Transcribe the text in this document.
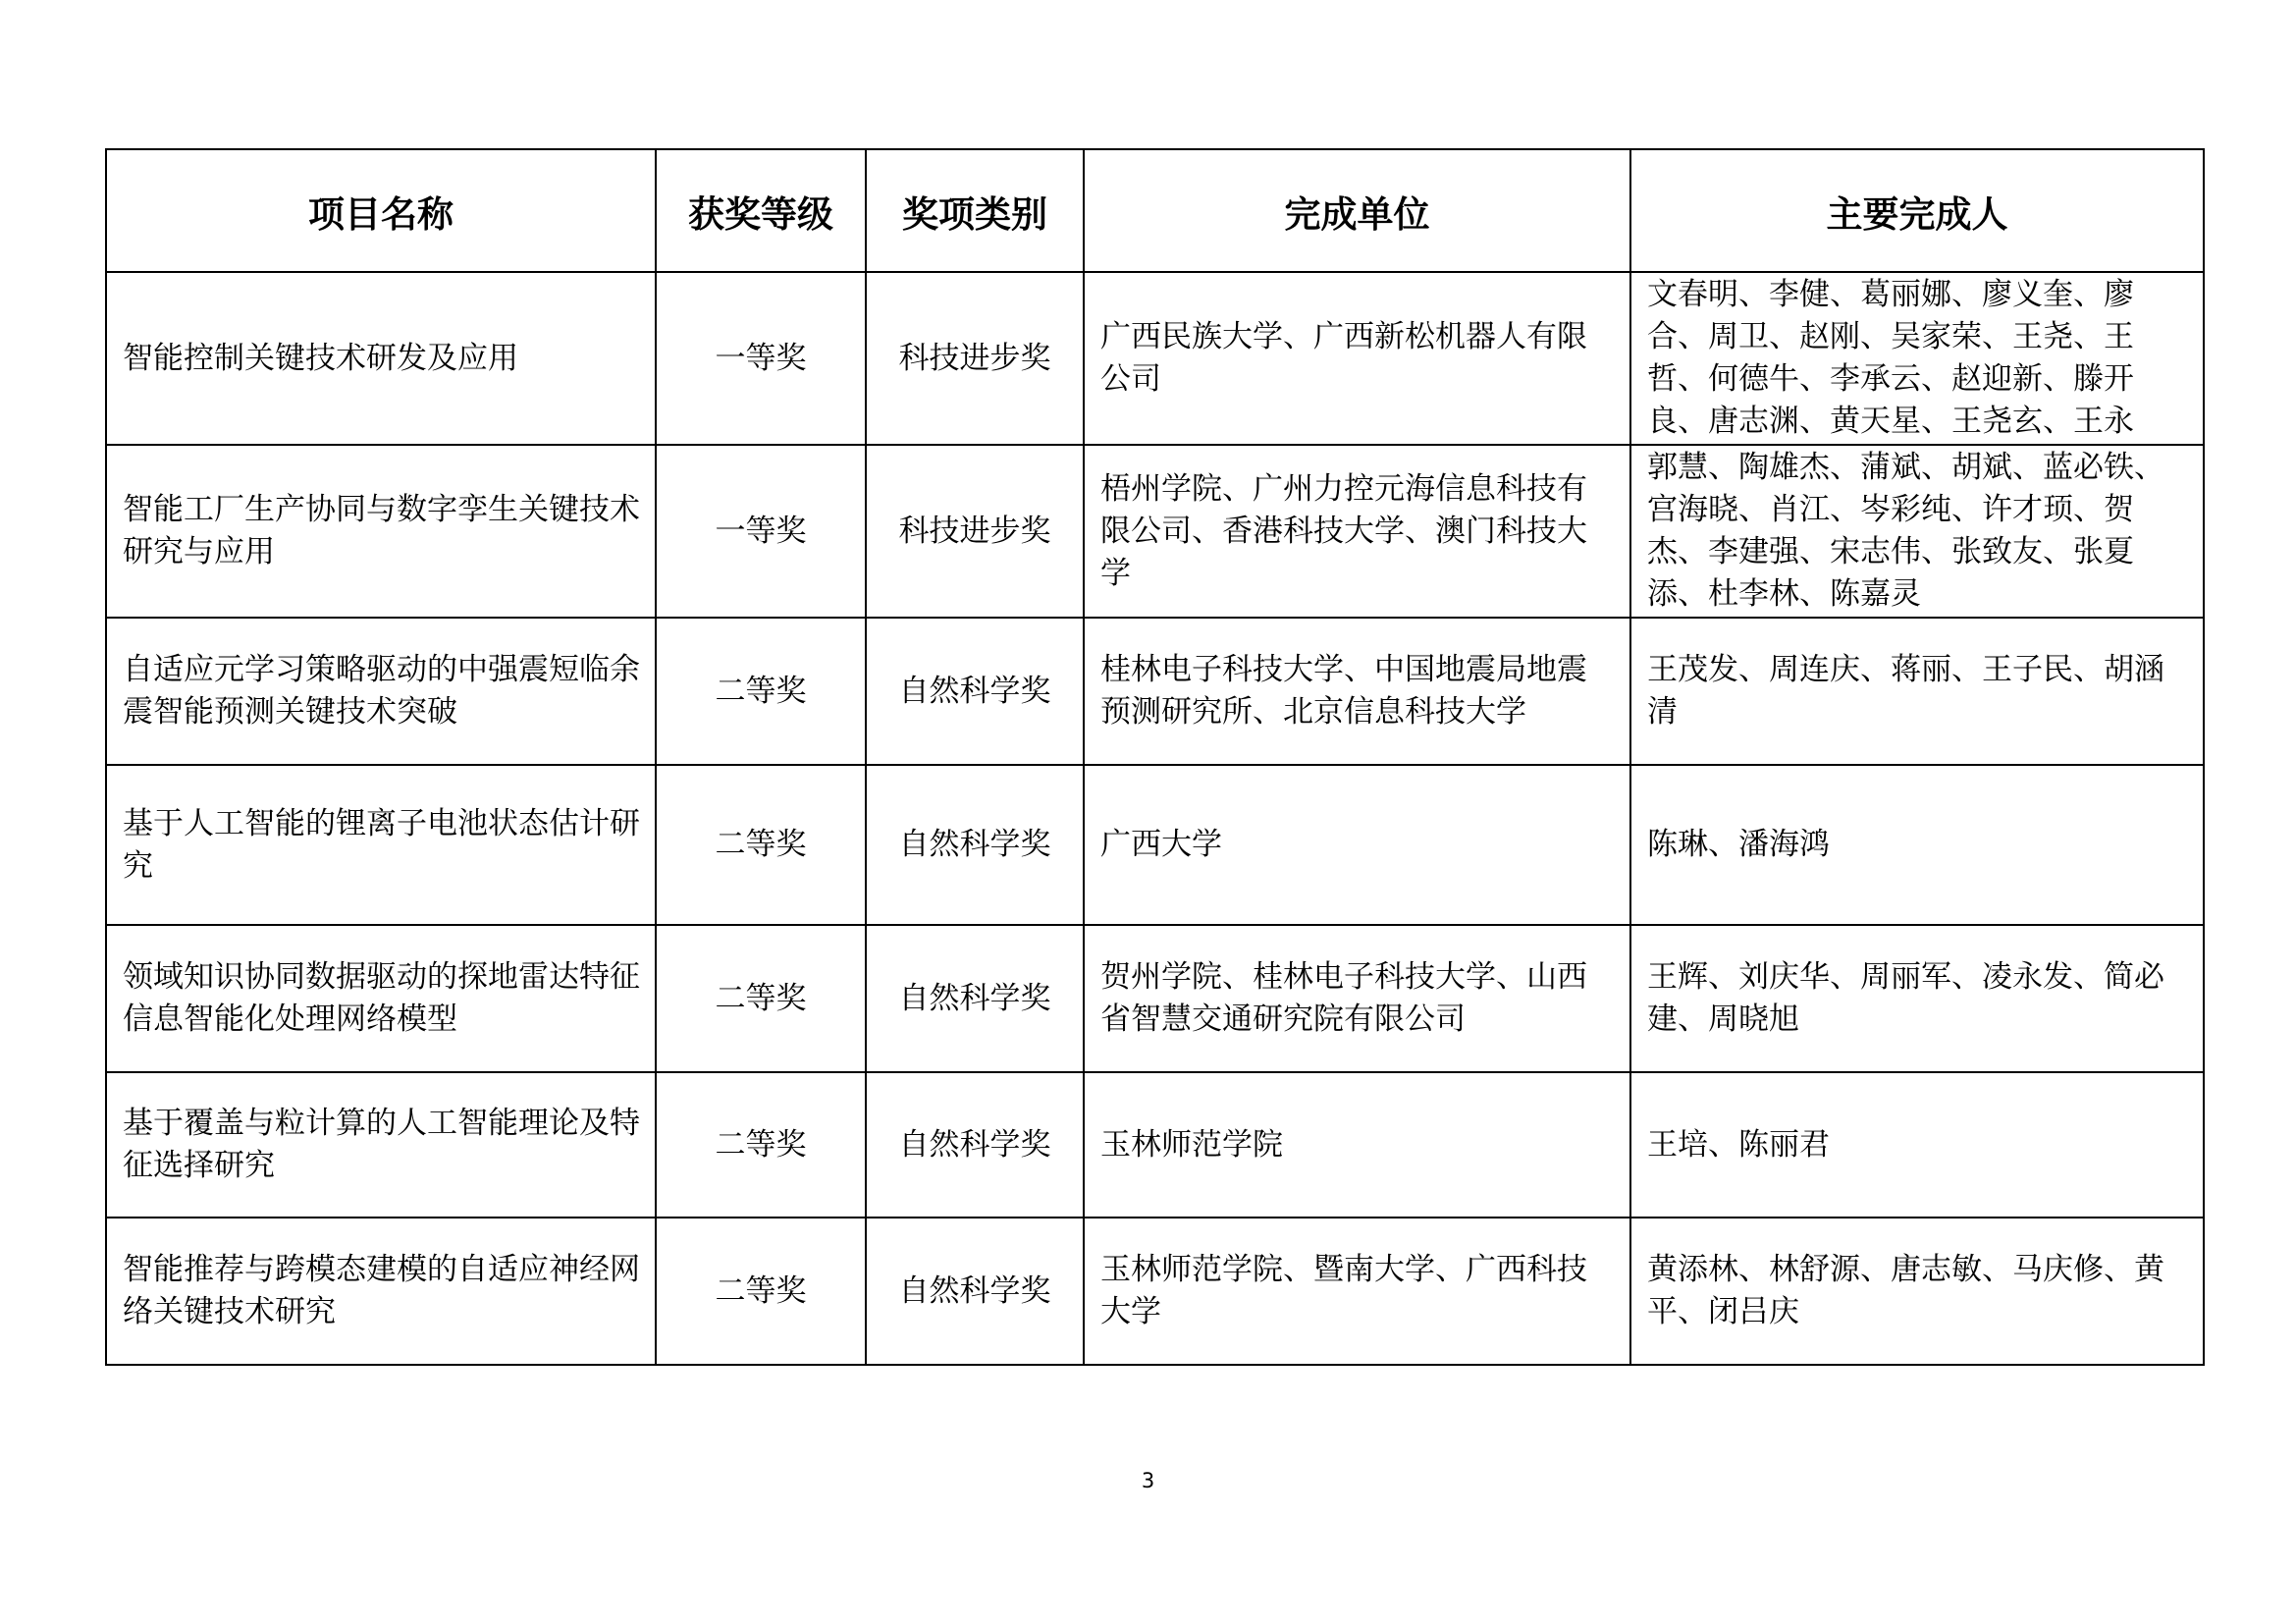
项目名称	获奖等级	奖项类别	完成单位	主要完成人
智能控制关键技术研发及应用	一等奖	科技进步奖	广西民族大学、广西新松机器人有限公司	文春明、李健、葛丽娜、廖义奎、廖合、周卫、赵刚、吴家荣、王尧、王哲、何德牛、李承云、赵迎新、滕开良、唐志渊、黄天星、王尧玄、王永
智能工厂生产协同与数字孪生关键技术研究与应用	一等奖	科技进步奖	梧州学院、广州力控元海信息科技有限公司、香港科技大学、澳门科技大学	郭慧、陶雄杰、蒲斌、胡斌、蓝必铁、宫海晓、肖江、岑彩纯、许才顼、贺杰、李建强、宋志伟、张致友、张夏添、杜李林、陈嘉灵
自适应元学习策略驱动的中强震短临余震智能预测关键技术突破	二等奖	自然科学奖	桂林电子科技大学、中国地震局地震预测研究所、北京信息科技大学	王茂发、周连庆、蒋丽、王子民、胡涵清
基于人工智能的锂离子电池状态估计研究	二等奖	自然科学奖	广西大学	陈琳、潘海鸿
领域知识协同数据驱动的探地雷达特征信息智能化处理网络模型	二等奖	自然科学奖	贺州学院、桂林电子科技大学、山西省智慧交通研究院有限公司	王辉、刘庆华、周丽军、凌永发、简必建、周晓旭
基于覆盖与粒计算的人工智能理论及特征选择研究	二等奖	自然科学奖	玉林师范学院	王培、陈丽君
智能推荐与跨模态建模的自适应神经网络关键技术研究	二等奖	自然科学奖	玉林师范学院、暨南大学、广西科技大学	黄添林、林舒源、唐志敏、马庆修、黄平、闭吕庆
3
